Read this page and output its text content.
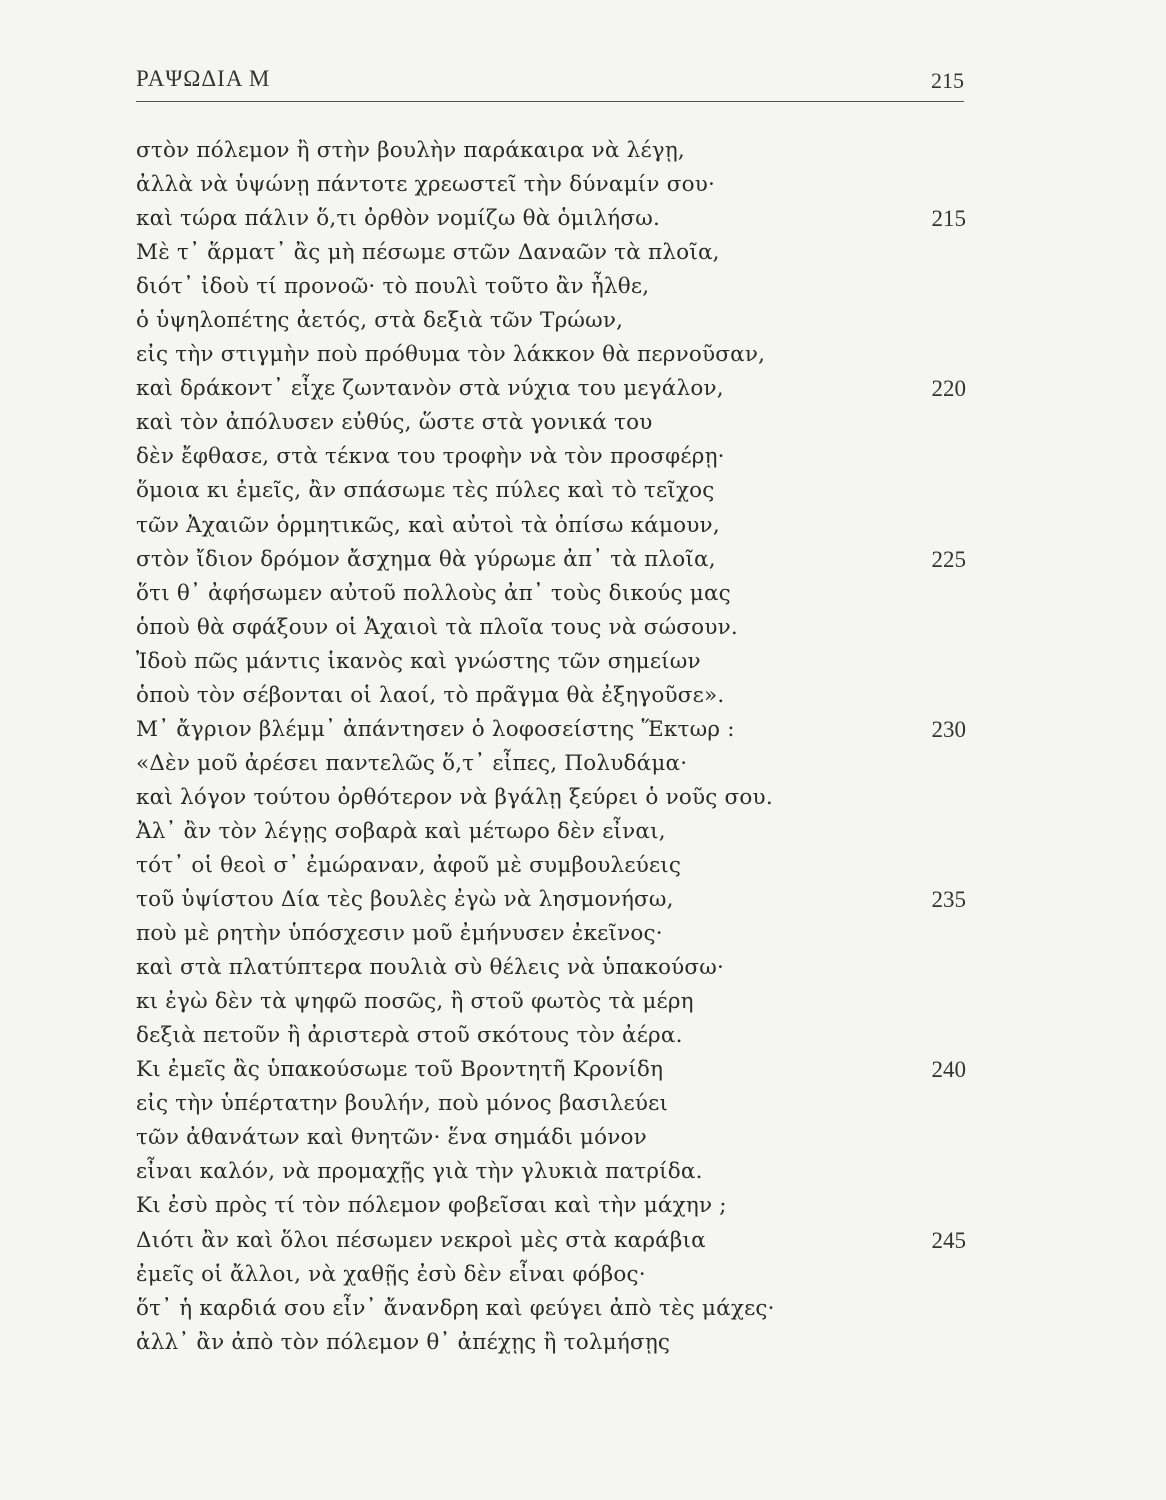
ΡΑΨΩΔΙΑ Μ	215
στὸν πόλεμον ἢ στὴν βουλὴν παράκαιρα νὰ λέγῃ,
ἀλλὰ νὰ ὑψώνῃ πάντοτε χρεωστεῖ τὴν δύναμίν σου·
καὶ τώρα πάλιν ὅ,τι ὀρθὸν νομίζω θὰ ὁμιλήσω.	215
Μὲ τ᾽ ἅρματ᾽ ἂς μὴ πέσωμε στῶν Δαναῶν τὰ πλοῖα,
διότ᾽ ἰδοὺ τί προνοῶ· τὸ πουλὶ τοῦτο ἂν ἦλθε,
ὁ ὑψηλοπέτης ἀετός, στὰ δεξιὰ τῶν Τρώων,
εἰς τὴν στιγμὴν ποὺ πρόθυμα τὸν λάκκον θὰ περνοῦσαν,
καὶ δράκοντ᾽ εἶχε ζωντανὸν στὰ νύχια του μεγάλον,	220
καὶ τὸν ἀπόλυσεν εὐθύς, ὥστε στὰ γονικά του
δὲν ἔφθασε, στὰ τέκνα του τροφὴν νὰ τὸν προσφέρῃ·
ὅμοια κι ἐμεῖς, ἂν σπάσωμε τὲς πύλες καὶ τὸ τεῖχος
τῶν Ἀχαιῶν ὁρμητικῶς, καὶ αὐτοὶ τὰ ὀπίσω κάμουν,
στὸν ἴδιον δρόμον ἄσχημα θὰ γύρωμε ἀπ᾽ τὰ πλοῖα,	225
ὅτι θ᾽ ἀφήσωμεν αὐτοῦ πολλοὺς ἀπ᾽ τοὺς δικούς μας
ὁποὺ θὰ σφάξουν οἱ Ἀχαιοὶ τὰ πλοῖα τους νὰ σώσουν.
Ἰδοὺ πῶς μάντις ἱκανὸς καὶ γνώστης τῶν σημείων
ὁποὺ τὸν σέβονται οἱ λαοί, τὸ πρᾶγμα θὰ ἐξηγοῦσε».
Μ᾽ ἄγριον βλέμμ᾽ ἀπάντησεν ὁ λοφοσείστης Ἕκτωρ :	230
«Δὲν μοῦ ἀρέσει παντελῶς ὅ,τ᾽ εἶπες, Πολυδάμα·
καὶ λόγον τούτου ὀρθότερον νὰ βγάλῃ ξεύρει ὁ νοῦς σου.
Ἀλ᾽ ἂν τὸν λέγῃς σοβαρὰ καὶ μέτωρο δὲν εἶναι,
τότ᾽ οἱ θεοὶ σ᾽ ἐμώραναν, ἀφοῦ μὲ συμβουλεύεις
τοῦ ὑψίστου Δία τὲς βουλὲς ἐγὼ νὰ λησμονήσω,	235
ποὺ μὲ ρητὴν ὑπόσχεσιν μοῦ ἐμήνυσεν ἐκεῖνος·
καὶ στὰ πλατύπτερα πουλιὰ σὺ θέλεις νὰ ὑπακούσω·
κι ἐγὼ δὲν τὰ ψηφῶ ποσῶς, ἢ στοῦ φωτὸς τὰ μέρη
δεξιὰ πετοῦν ἢ ἀριστερὰ στοῦ σκότους τὸν ἀέρα.
Κι ἐμεῖς ἂς ὑπακούσωμε τοῦ Βροντητῆ Κρονίδη	240
εἰς τὴν ὑπέρτατην βουλήν, ποὺ μόνος βασιλεύει
τῶν ἀθανάτων καὶ θνητῶν· ἕνα σημάδι μόνον
εἶναι καλόν, νὰ προμαχῇς γιὰ τὴν γλυκιὰ πατρίδα.
Κι ἐσὺ πρὸς τί τὸν πόλεμον φοβεῖσαι καὶ τὴν μάχην ;
Διότι ἂν καὶ ὅλοι πέσωμεν νεκροὶ μὲς στὰ καράβια	245
ἐμεῖς οἱ ἄλλοι, νὰ χαθῇς ἐσὺ δὲν εἶναι φόβος·
ὅτ᾽ ἡ καρδιά σου εἶν᾽ ἄνανδρη καὶ φεύγει ἀπὸ τὲς μάχες·
ἀλλ᾽ ἂν ἀπὸ τὸν πόλεμον θ᾽ ἀπέχῃς ἢ τολμήσῃς
